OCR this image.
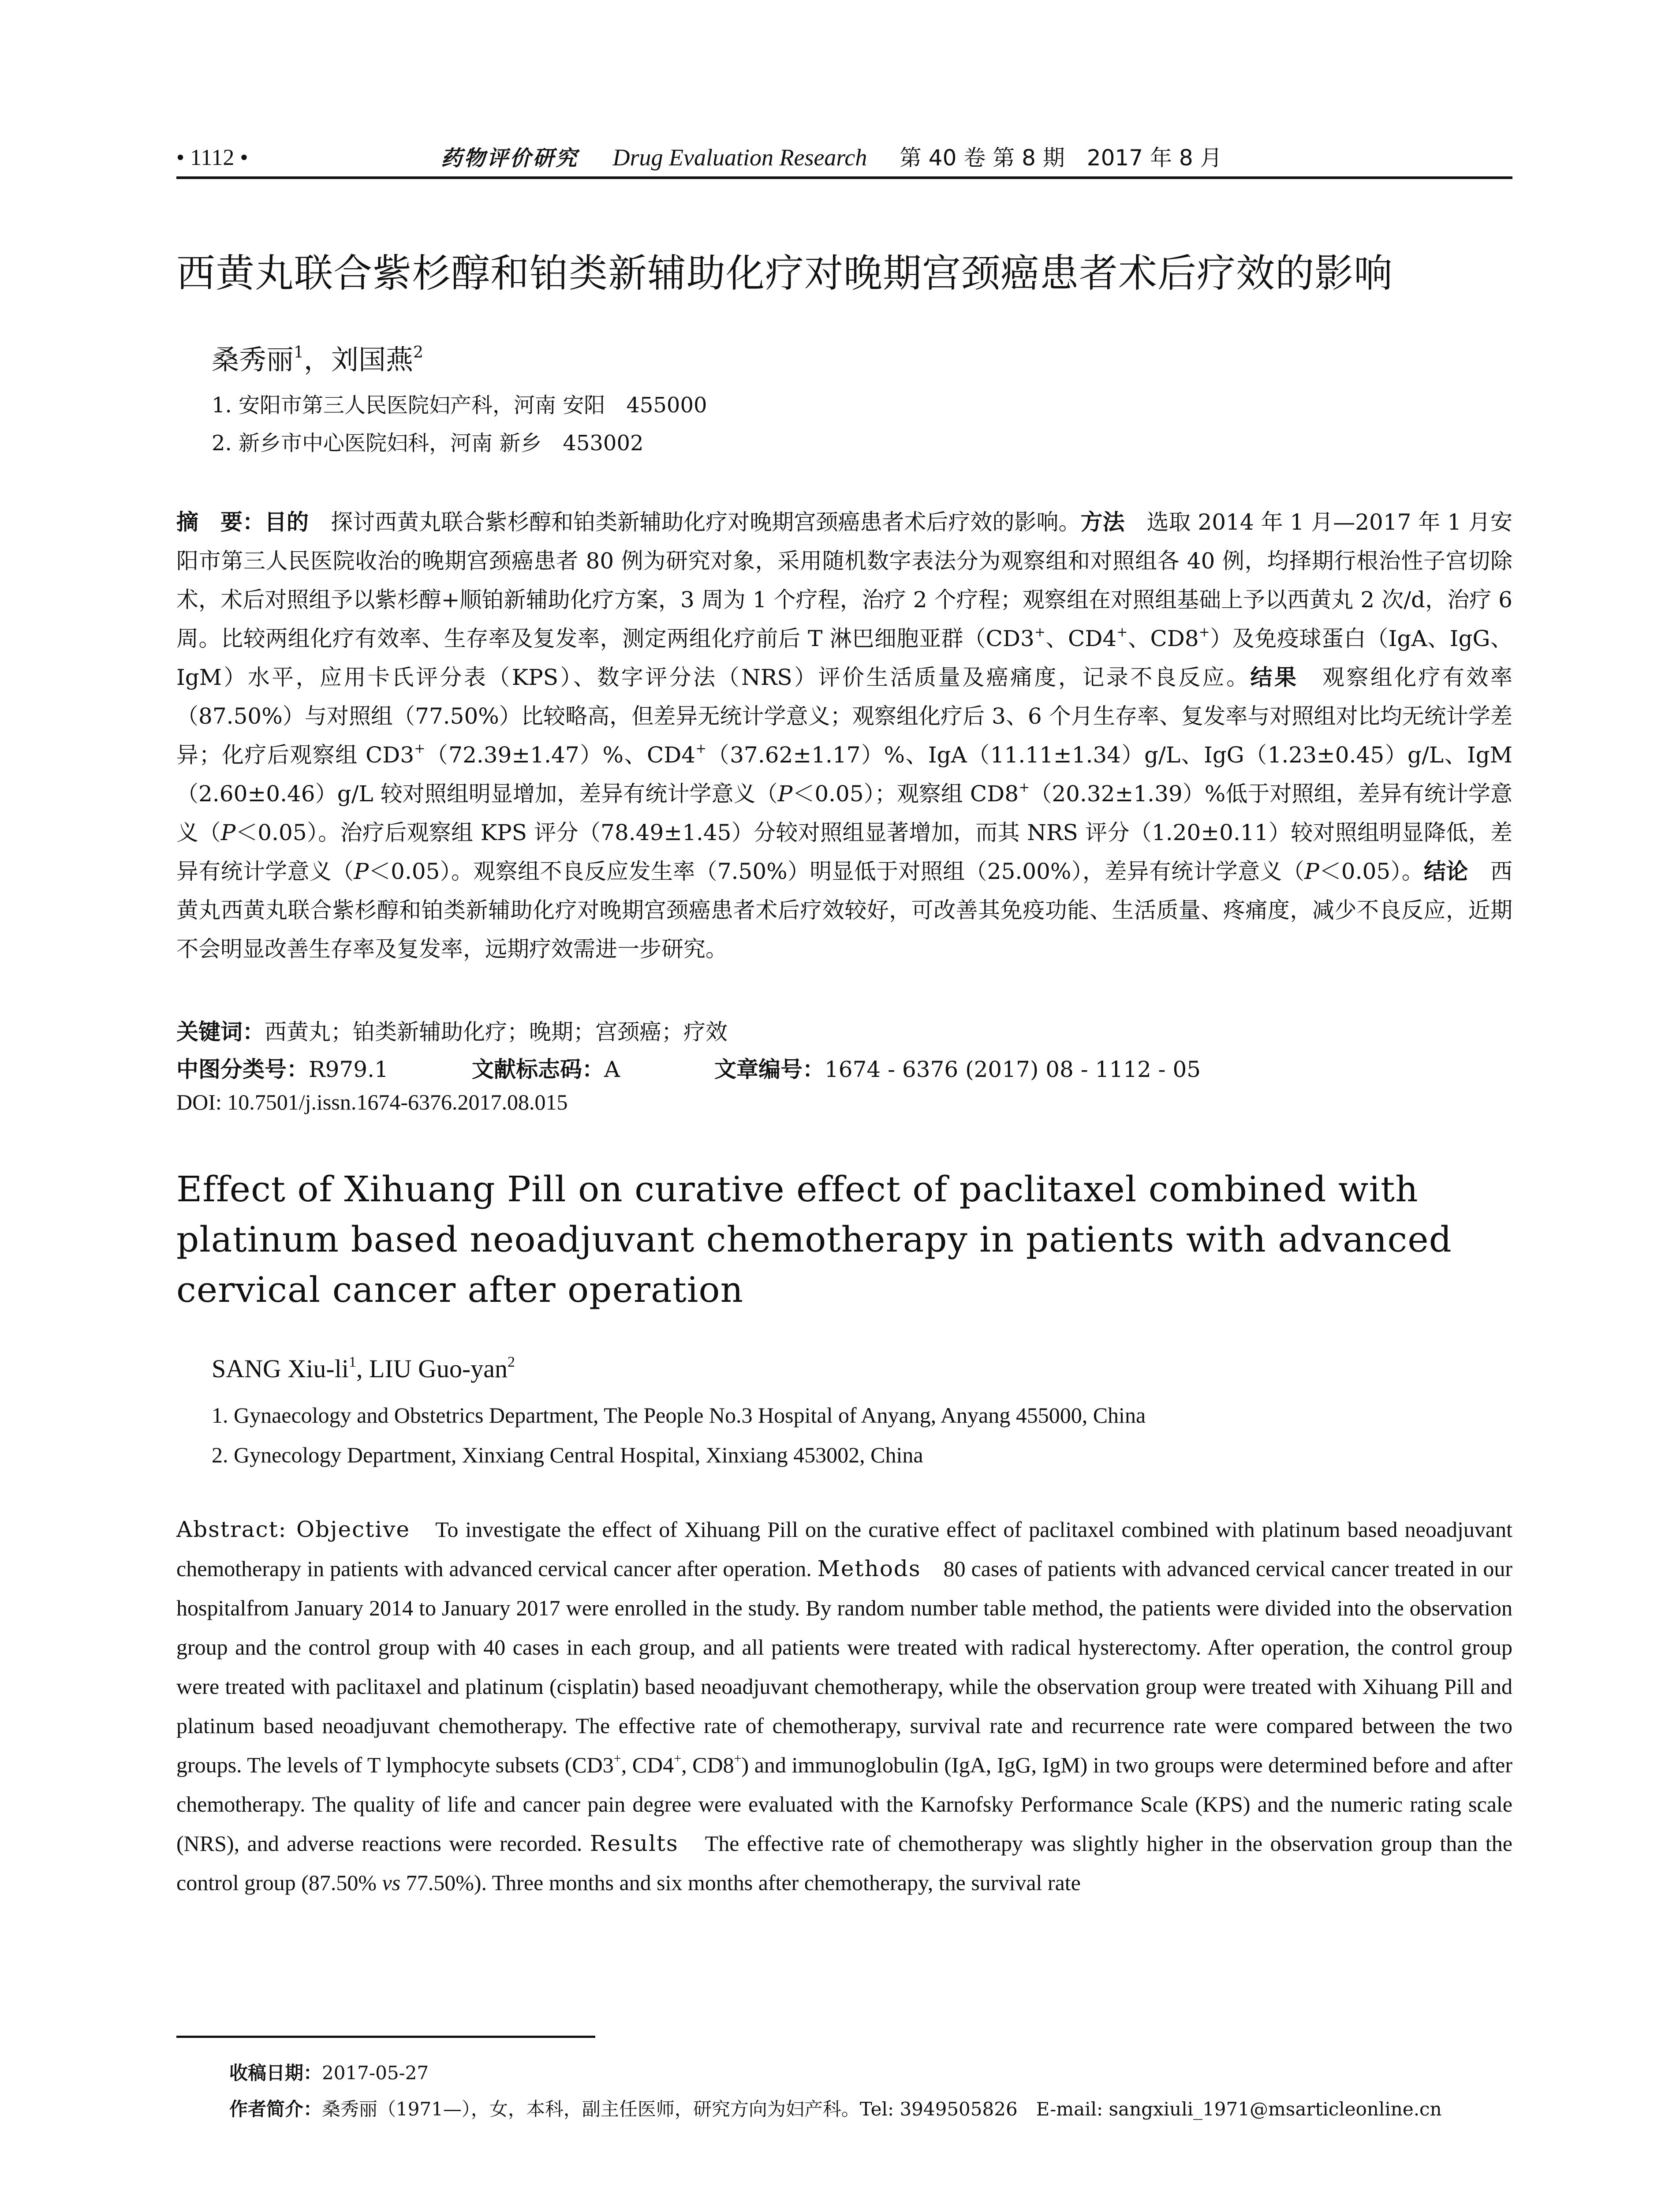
• 1112 •	药物评价研究 Drug Evaluation Research 第 40 卷 第 8 期　2017 年 8 月
西黄丸联合紫杉醇和铂类新辅助化疗对晚期宫颈癌患者术后疗效的影响
桑秀丽$^1$，刘国燕$^2$
1. 安阳市第三人民医院妇产科，河南 安阳　455000
2. 新乡市中心医院妇科，河南 新乡　453002
摘　要：目的　探讨西黄丸联合紫杉醇和铂类新辅助化疗对晚期宫颈癌患者术后疗效的影响。方法　选取 2014 年 1 月—2017 年 1 月安阳市第三人民医院收治的晚期宫颈癌患者 80 例为研究对象，采用随机数字表法分为观察组和对照组各 40 例，均择期行根治性子宫切除术，术后对照组予以紫杉醇+顺铂新辅助化疗方案，3 周为 1 个疗程，治疗 2 个疗程；观察组在对照组基础上予以西黄丸 2 次/d，治疗 6 周。比较两组化疗有效率、生存率及复发率，测定两组化疗前后 T 淋巴细胞亚群（CD3+、CD4+、CD8+）及免疫球蛋白（IgA、IgG、IgM）水平，应用卡氏评分表（KPS）、数字评分法（NRS）评价生活质量及癌痛度，记录不良反应。结果　观察组化疗有效率（87.50%）与对照组（77.50%）比较略高，但差异无统计学意义；观察组化疗后 3、6 个月生存率、复发率与对照组对比均无统计学差异；化疗后观察组 CD3+（72.39±1.47）%、CD4+（37.62±1.17）%、IgA（11.11±1.34）g/L、IgG（1.23±0.45）g/L、IgM（2.60±0.46）g/L 较对照组明显增加，差异有统计学意义（P＜0.05）；观察组 CD8+（20.32±1.39）%低于对照组，差异有统计学意义（P＜0.05）。治疗后观察组 KPS 评分（78.49±1.45）分较对照组显著增加，而其 NRS 评分（1.20±0.11）较对照组明显降低，差异有统计学意义（P＜0.05）。观察组不良反应发生率（7.50%）明显低于对照组（25.00%），差异有统计学意义（P＜0.05）。结论　西黄丸西黄丸联合紫杉醇和铂类新辅助化疗对晚期宫颈癌患者术后疗效较好，可改善其免疫功能、生活质量、疼痛度，减少不良反应，近期不会明显改善生存率及复发率，远期疗效需进一步研究。
关键词：西黄丸；铂类新辅助化疗；晚期；宫颈癌；疗效
中图分类号：R979.1	文献标志码：A	文章编号：1674 - 6376 (2017) 08 - 1112 - 05
DOI: 10.7501/j.issn.1674-6376.2017.08.015
Effect of Xihuang Pill on curative effect of paclitaxel combined with platinum based neoadjuvant chemotherapy in patients with advanced cervical cancer after operation
SANG Xiu-$li^1$, LIU Guo-yan$^2$
1. Gynaecology and Obstetrics Department, The People No.3 Hospital of Anyang, Anyang 455000, China
2. Gynecology Department, Xinxiang Central Hospital, Xinxiang 453002, China
Abstract: Objective　To investigate the effect of Xihuang Pill on the curative effect of paclitaxel combined with platinum based neoadjuvant chemotherapy in patients with advanced cervical cancer after operation. Methods　80 cases of patients with advanced cervical cancer treated in our hospitalfrom January 2014 to January 2017 were enrolled in the study. By random number table method, the patients were divided into the observation group and the control group with 40 cases in each group, and all patients were treated with radical hysterectomy. After operation, the control group were treated with paclitaxel and platinum (cisplatin) based neoadjuvant chemotherapy, while the observation group were treated with Xihuang Pill and platinum based neoadjuvant chemotherapy. The effective rate of chemotherapy, survival rate and recurrence rate were compared between the two groups. The levels of T lymphocyte subsets (CD3+, CD4+, CD8+) and immunoglobulin (IgA, IgG, IgM) in two groups were determined before and after chemotherapy. The quality of life and cancer pain degree were evaluated with the Karnofsky Performance Scale (KPS) and the numeric rating scale (NRS), and adverse reactions were recorded. Results　The effective rate of chemotherapy was slightly higher in the observation group than the control group (87.50% vs 77.50%). Three months and six months after chemotherapy, the survival rate
收稿日期：2017-05-27
作者简介：桑秀丽（1971—），女，本科，副主任医师，研究方向为妇产科。Tel: 3949505826　E-mail: sangxiuli_1971@msarticleonline.cn
